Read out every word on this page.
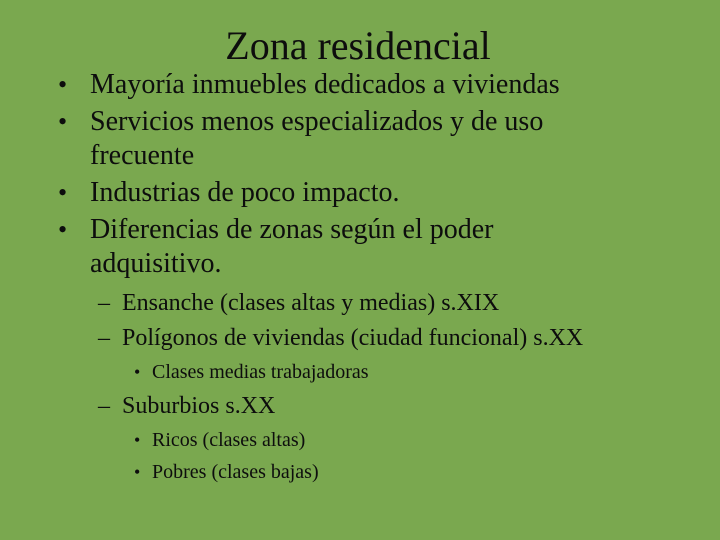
Zona residencial
• Mayoría inmuebles dedicados a viviendas
• Servicios menos especializados y de uso
frecuente
• Industrias de poco impacto.
• Diferencias de zonas según el poder
adquisitivo.
– Ensanche (clases altas y medias) s.XIX
– Polígonos de viviendas (ciudad funcional) s.XX
• Clases medias trabajadoras
– Suburbios s.XX
• Ricos (clases altas)
• Pobres (clases bajas)
